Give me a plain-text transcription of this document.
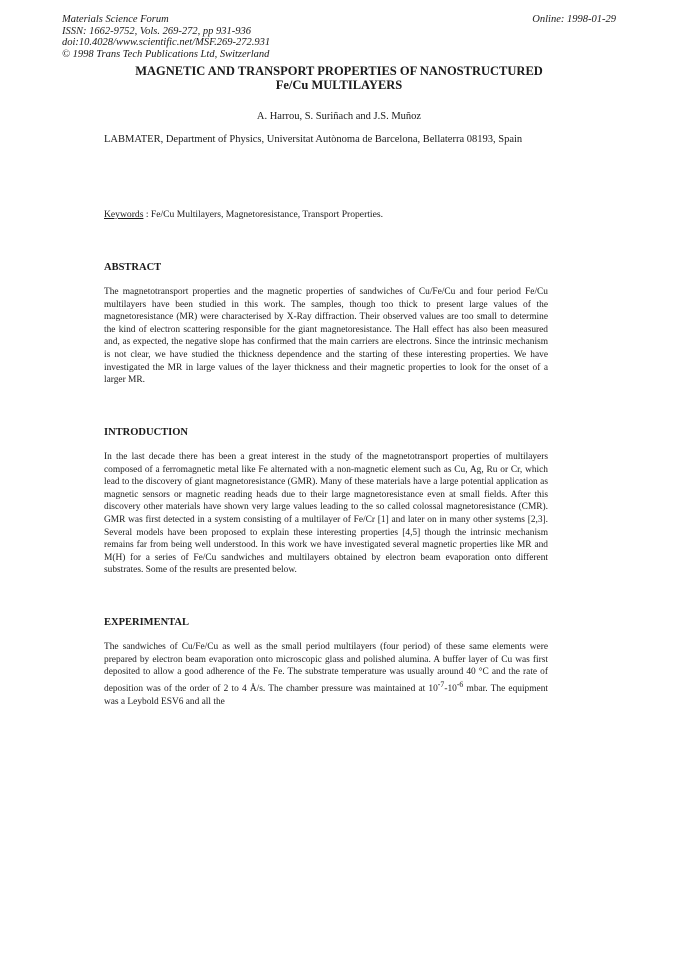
Materials Science Forum
ISSN: 1662-9752, Vols. 269-272, pp 931-936
doi:10.4028/www.scientific.net/MSF.269-272.931
© 1998 Trans Tech Publications Ltd, Switzerland
Online: 1998-01-29
MAGNETIC AND TRANSPORT PROPERTIES OF NANOSTRUCTURED
Fe/Cu MULTILAYERS
A. Harrou, S. Suriñach and J.S. Muñoz
LABMATER, Department of Physics, Universitat Autònoma de Barcelona, Bellaterra 08193, Spain
Keywords : Fe/Cu Multilayers, Magnetoresistance, Transport Properties.
ABSTRACT

The magnetotransport properties and the magnetic properties of sandwiches of Cu/Fe/Cu and four period Fe/Cu multilayers have been studied in this work. The samples, though too thick to present large values of the magnetoresistance (MR) were characterised by X-Ray diffraction. Their observed values are too small to determine the kind of electron scattering responsible for the giant magnetoresistance. The Hall effect has also been measured and, as expected, the negative slope has confirmed that the main carriers are electrons. Since the intrinsic mechanism is not clear, we have studied the thickness dependence and the starting of these interesting properties. We have investigated the MR in large values of the layer thickness and their magnetic properties to look for the onset of a larger MR.

INTRODUCTION

In the last decade there has been a great interest in the study of the magnetotransport properties of multilayers composed of a ferromagnetic metal like Fe alternated with a non-magnetic element such as Cu, Ag, Ru or Cr, which lead to the discovery of giant magnetoresistance (GMR). Many of these materials have a large potential application as magnetic sensors or magnetic reading heads due to their large magnetoresistance even at small fields. After this discovery other materials have shown very large values leading to the so called colossal magnetoresistance (CMR). GMR was first detected in a system consisting of a multilayer of Fe/Cr [1] and later on in many other systems [2,3]. Several models have been proposed to explain these interesting properties [4,5] though the intrinsic mechanism remains far from being well understood. In this work we have investigated several magnetic properties like MR and M(H) for a series of Fe/Cu sandwiches and multilayers obtained by electron beam evaporation onto different substrates. Some of the results are presented below.

EXPERIMENTAL

The sandwiches of Cu/Fe/Cu as well as the small period multilayers (four period) of these same elements were prepared by electron beam evaporation onto microscopic glass and polished alumina. A buffer layer of Cu was first deposited to allow a good adherence of the Fe. The substrate temperature was usually around 40 °C and the rate of deposition was of the order of 2 to 4 Å/s. The chamber pressure was maintained at $10^{-7}-10^{-6}$ mbar. The equipment was a Leybold ESV6 and all the
